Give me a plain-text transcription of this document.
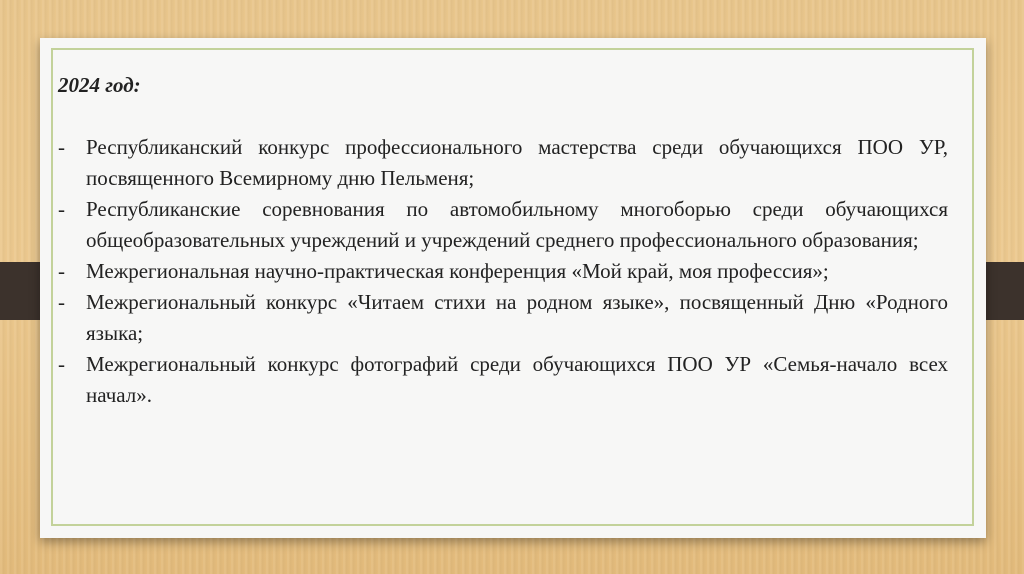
2024 год:
- Республиканский конкурс профессионального мастерства среди обучающихся ПОО УР, посвященного Всемирному дню Пельменя;
- Республиканские соревнования по автомобильному многоборью среди обучающихся общеобразовательных учреждений и учреждений среднего профессионального образования;
- Межрегиональная научно-практическая конференция «Мой край, моя профессия»;
- Межрегиональный конкурс «Читаем стихи на родном языке», посвященный Дню «Родного языка;
- Межрегиональный конкурс фотографий среди обучающихся ПОО УР «Семья-начало всех начал».
